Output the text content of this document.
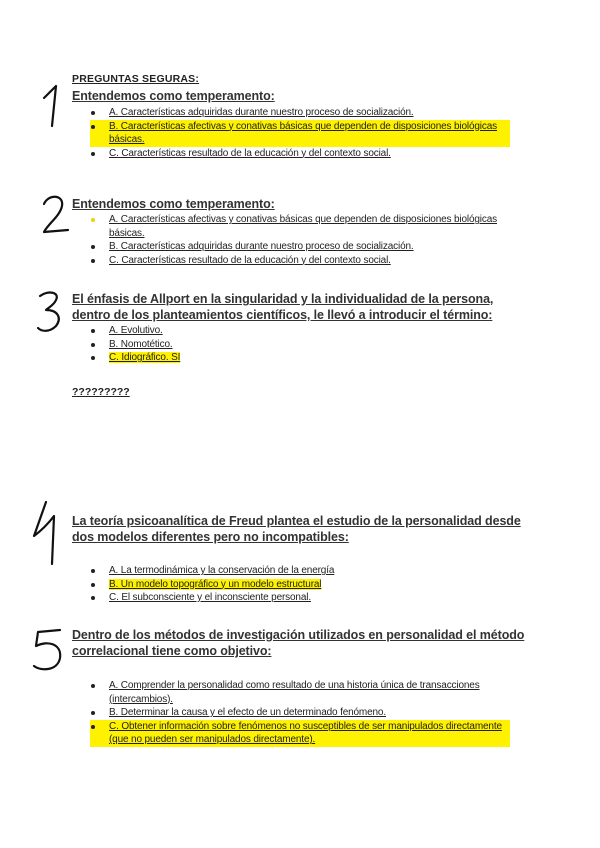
PREGUNTAS SEGURAS:
Entendemos como temperamento:
A. Características adquiridas durante nuestro proceso de socialización.
B. Características afectivas y conativas básicas que dependen de disposiciones biológicas básicas.
C. Características resultado de la educación y del contexto social.
Entendemos como temperamento:
A. Características afectivas y conativas básicas que dependen de disposiciones biológicas básicas.
B. Características adquiridas durante nuestro proceso de socialización.
C. Características resultado de la educación y del contexto social.
El énfasis de Allport en la singularidad y la individualidad de la persona, dentro de los planteamientos científicos, le llevó a introducir el término:
A. Evolutivo.
B. Nomotético.
C. Idiográfico. SI
?????????
La teoría psicoanalítica de Freud plantea el estudio de la personalidad desde dos modelos diferentes pero no incompatibles:
A. La termodinámica y la conservación de la energía
B. Un modelo topográfico y un modelo estructural
C. El subconsciente y el inconsciente personal.
Dentro de los métodos de investigación utilizados en personalidad el método correlacional tiene como objetivo:
A. Comprender la personalidad como resultado de una historia única de transacciones (intercambios).
B. Determinar la causa y el efecto de un determinado fenómeno.
C. Obtener información sobre fenómenos no susceptibles de ser manipulados directamente (que no pueden ser manipulados directamente).
